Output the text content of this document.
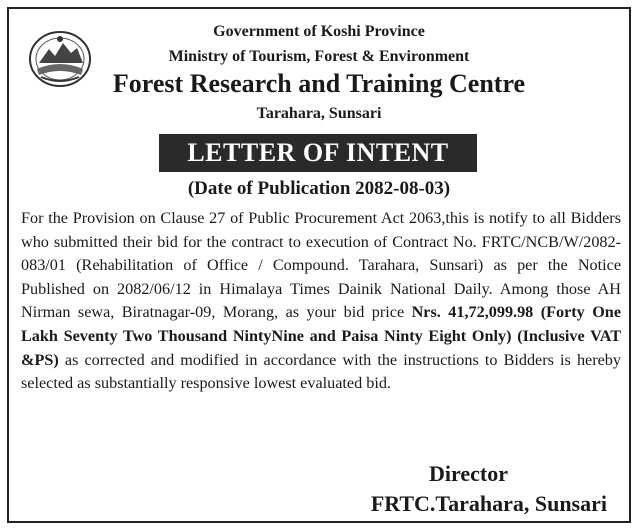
Government of Koshi Province
Ministry of Tourism, Forest & Environment
Forest Research and Training Centre
Tarahara, Sunsari
LETTER OF INTENT
(Date of Publication 2082-08-03)
For the Provision on Clause 27 of Public Procurement Act 2063,this is notify to all Bidders who submitted their bid for the contract to execution of Contract No. FRTC/NCB/W/2082-083/01 (Rehabilitation of Office / Compound. Tarahara, Sunsari) as per the Notice Published on 2082/06/12 in Himalaya Times Dainik National Daily. Among those AH Nirman sewa, Biratnagar-09, Morang, as your bid price Nrs. 41,72,099.98 (Forty One Lakh Seventy Two Thousand NintyNine and Paisa Ninty Eight Only) (Inclusive VAT &PS) as corrected and modified in accordance with the instructions to Bidders is hereby selected as substantially responsive lowest evaluated bid.
Director
FRTC.Tarahara, Sunsari
